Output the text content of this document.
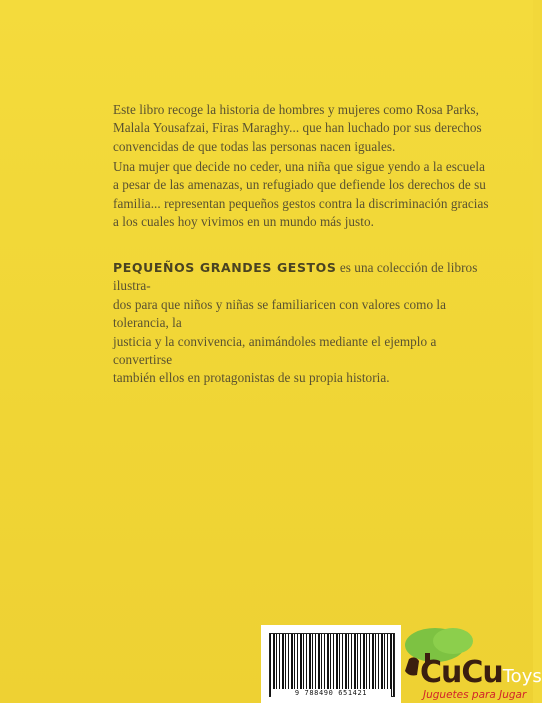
Este libro recoge la historia de hombres y mujeres como Rosa Parks,

Malala Yousafzai, Firas Maraghy... que han luchado por sus derechos

convencidas de que todas las personas nacen iguales.

Una mujer que decide no ceder, una niña que sigue yendo a la escuela

a pesar de las amenazas, un refugiado que defiende los derechos de su

familia... representan pequeños gestos contra la discriminación gracias

a los cuales hoy vivimos en un mundo más justo.

PEQUEÑOS GRANDES GESTOS es una colección de libros ilustra-

dos para que niños y niñas se familiaricen con valores como la tolerancia, la

justicia y la convivencia, animándoles mediante el ejemplo a convertirse

también ellos en protagonistas de su propia historia.

9 788490 651421
CuCuToys
Juguetes para Jugar
